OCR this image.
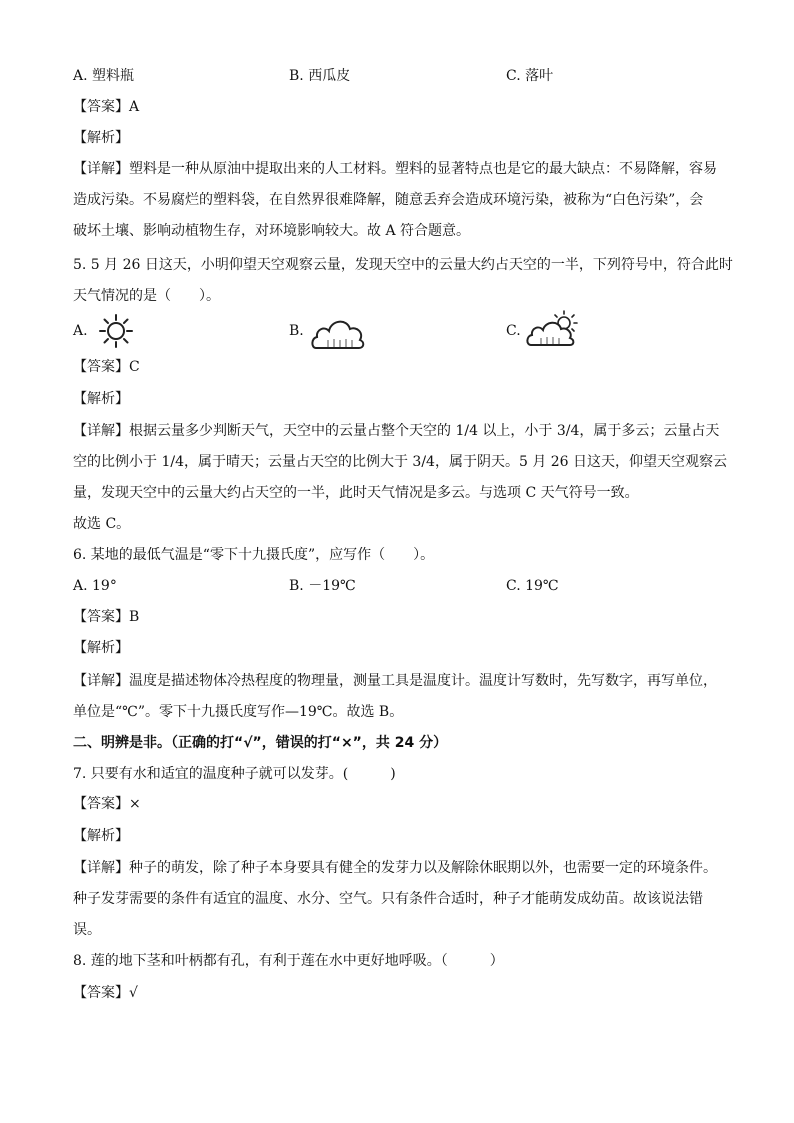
A. 塑料瓶	B. 西瓜皮	C. 落叶
【答案】A
【解析】
【详解】塑料是一种从原油中提取出来的人工材料。塑料的显著特点也是它的最大缺点：不易降解，容易
造成污染。不易腐烂的塑料袋，在自然界很难降解，随意丢弃会造成环境污染，被称为“白色污染”，会
破坏土壤、影响动植物生存，对环境影响较大。故 A 符合题意。
5. 5 月 26 日这天，小明仰望天空观察云量，发现天空中的云量大约占天空的一半，下列符号中，符合此时
天气情况的是（　　）。
A.	B.	C.
【答案】C
【解析】
【详解】根据云量多少判断天气，天空中的云量占整个天空的 1/4 以上，小于 3/4，属于多云；云量占天
空的比例小于 1/4，属于晴天；云量占天空的比例大于 3/4，属于阴天。5 月 26 日这天，仰望天空观察云
量，发现天空中的云量大约占天空的一半，此时天气情况是多云。与选项 C 天气符号一致。
故选 C。
6. 某地的最低气温是“零下十九摄氏度”，应写作（　　）。
A. 19°	B. －19℃	C. 19℃
【答案】B
【解析】
【详解】温度是描述物体冷热程度的物理量，测量工具是温度计。温度计写数时，先写数字，再写单位，
单位是“℃”。零下十九摄氏度写作—19℃。故选 B。
二、明辨是非。（正确的打“√”，错误的打“×”，共 24 分）
7. 只要有水和适宜的温度种子就可以发芽。(　　　)
【答案】×
【解析】
【详解】种子的萌发，除了种子本身要具有健全的发芽力以及解除休眠期以外，也需要一定的环境条件。
种子发芽需要的条件有适宜的温度、水分、空气。只有条件合适时，种子才能萌发成幼苗。故该说法错
误。
8. 莲的地下茎和叶柄都有孔，有利于莲在水中更好地呼吸。（　　　）
【答案】√
